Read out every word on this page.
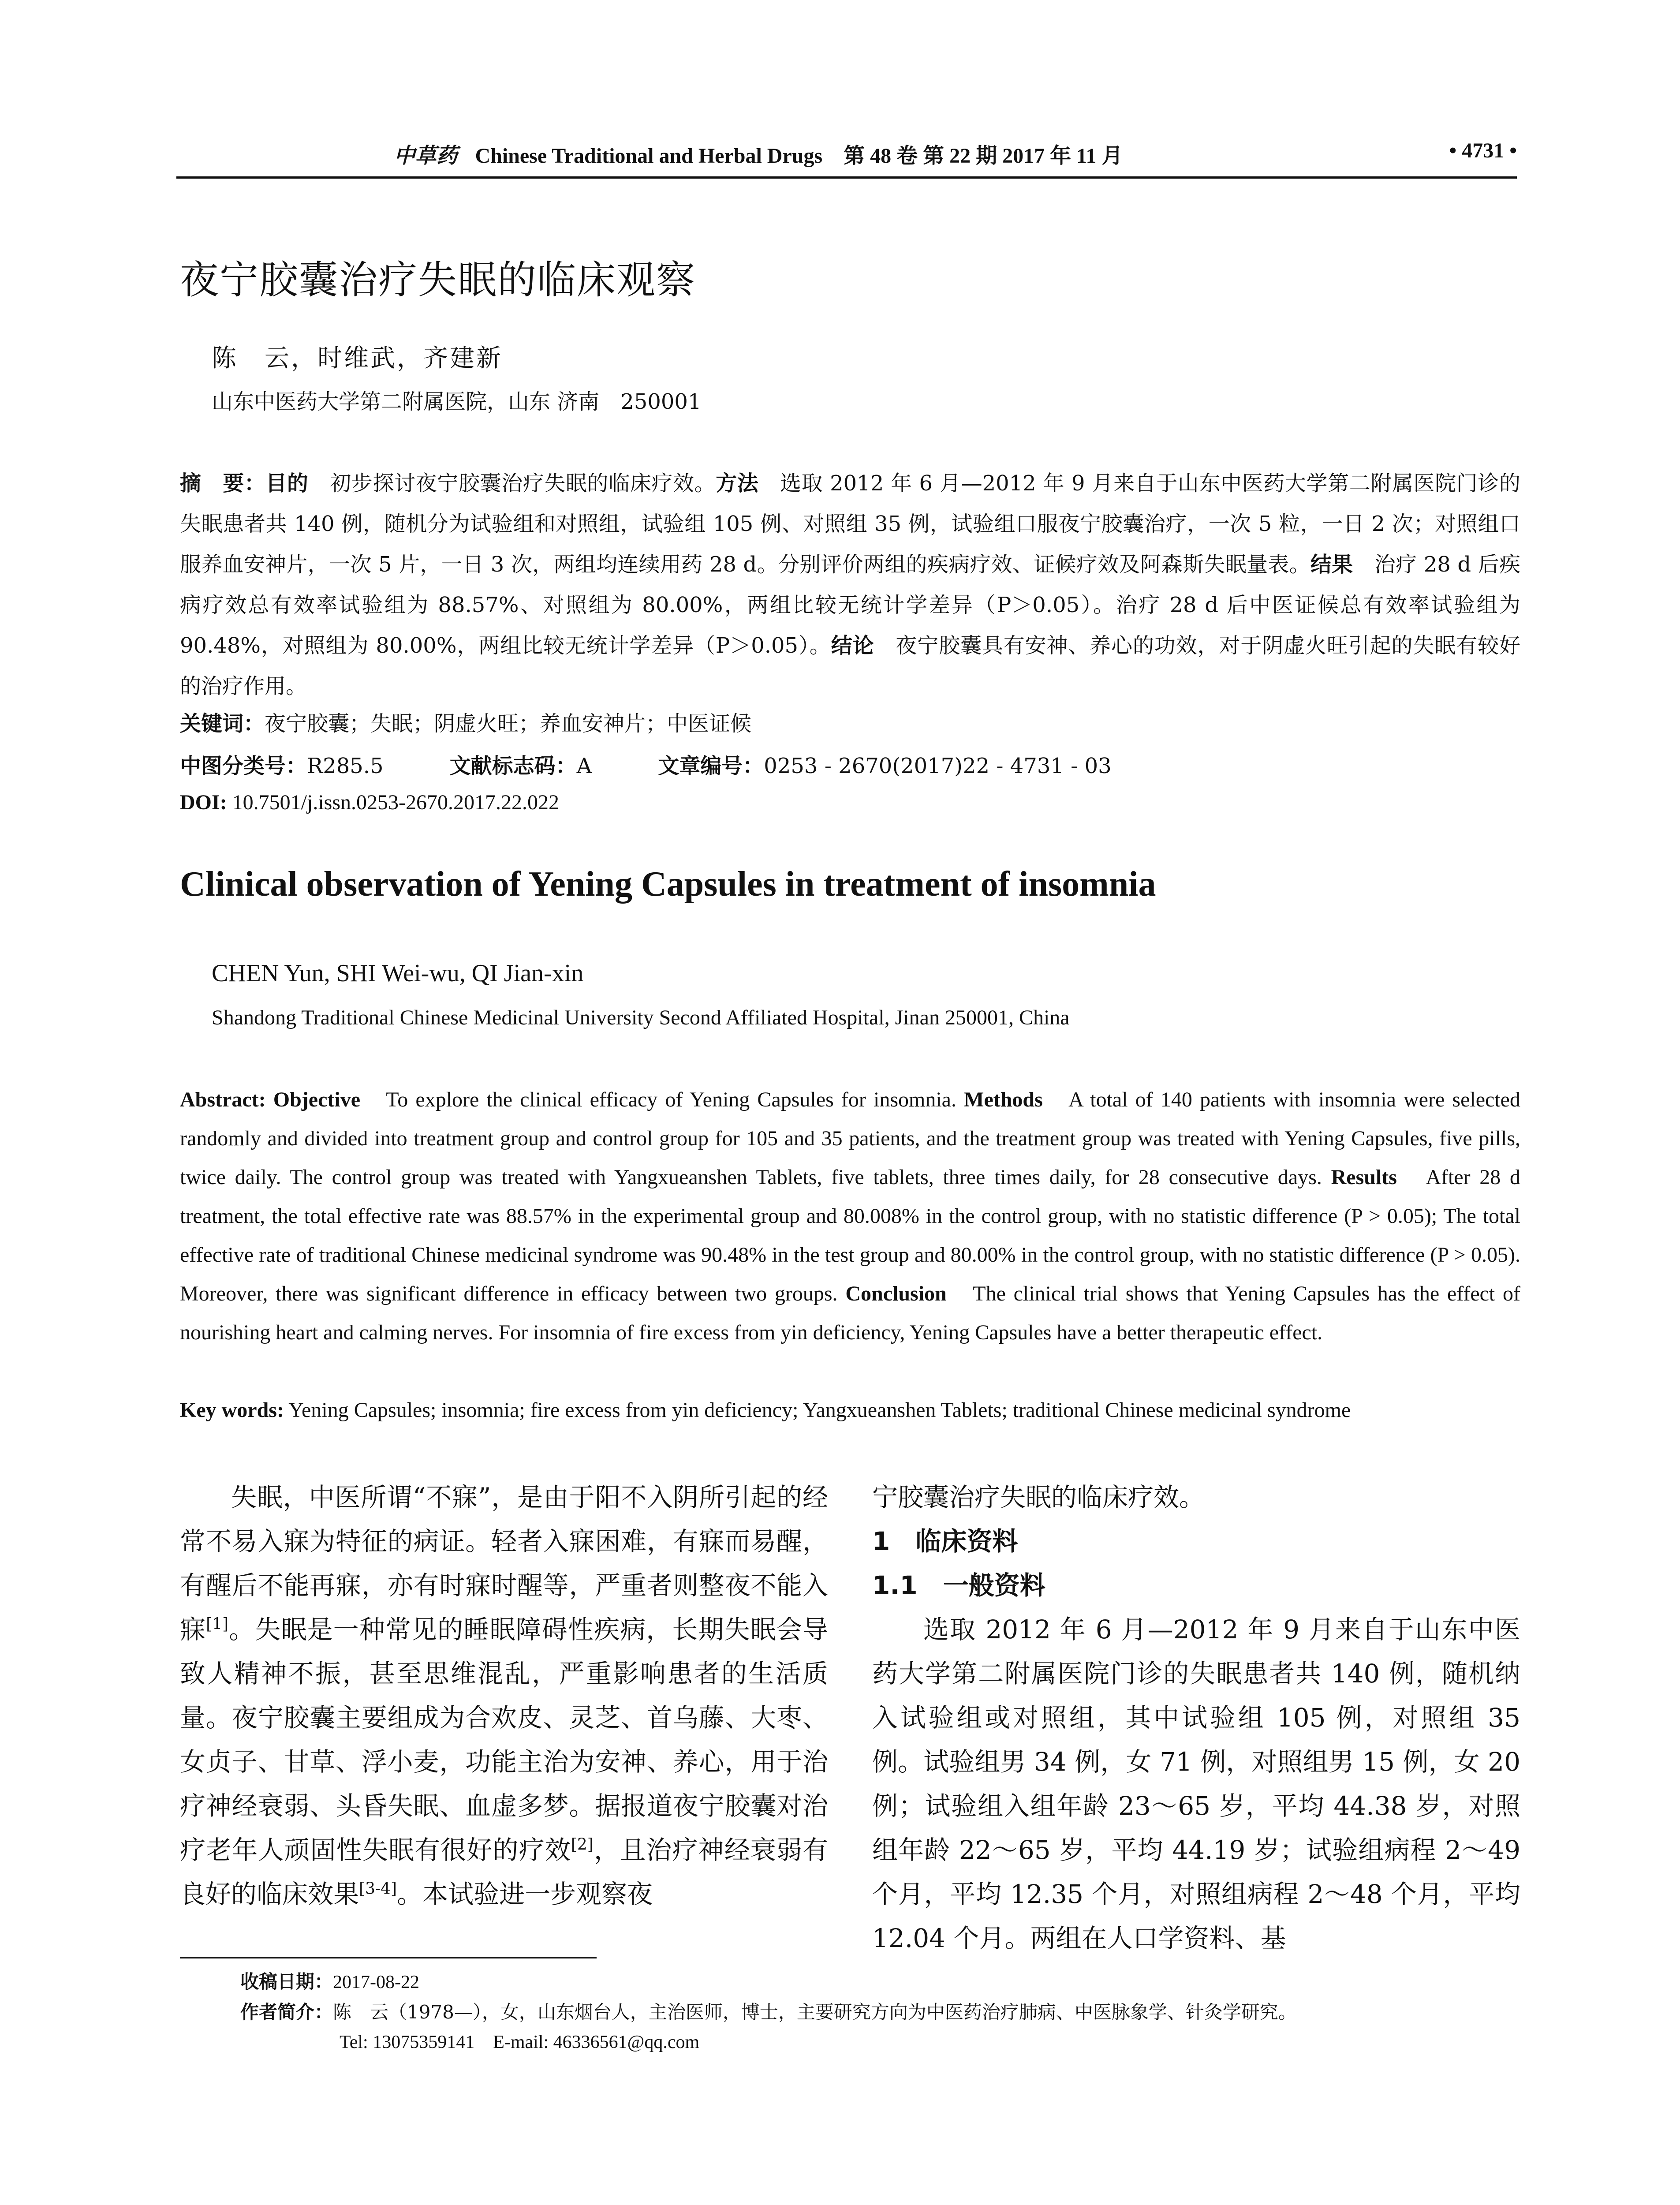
中草药 Chinese Traditional and Herbal Drugs　第 48 卷 第 22 期 2017 年 11 月	• 4731 •
夜宁胶囊治疗失眠的临床观察
陈　云，时维武，齐建新
山东中医药大学第二附属医院，山东 济南　250001
摘　要：目的　初步探讨夜宁胶囊治疗失眠的临床疗效。方法　选取 2012 年 6 月—2012 年 9 月来自于山东中医药大学第二附属医院门诊的失眠患者共 140 例，随机分为试验组和对照组，试验组 105 例、对照组 35 例，试验组口服夜宁胶囊治疗，一次 5 粒，一日 2 次；对照组口服养血安神片，一次 5 片，一日 3 次，两组均连续用药 28 d。分别评价两组的疾病疗效、证候疗效及阿森斯失眠量表。结果　治疗 28 d 后疾病疗效总有效率试验组为 88.57%、对照组为 80.00%，两组比较无统计学差异（P＞0.05）。治疗 28 d 后中医证候总有效率试验组为 90.48%，对照组为 80.00%，两组比较无统计学差异（P＞0.05）。结论　夜宁胶囊具有安神、养心的功效，对于阴虚火旺引起的失眠有较好的治疗作用。
关键词：夜宁胶囊；失眠；阴虚火旺；养血安神片；中医证候
中图分类号：R285.5	文献标志码：A	文章编号：0253 - 2670(2017)22 - 4731 - 03
DOI: 10.7501/j.issn.0253-2670.2017.22.022
Clinical observation of Yening Capsules in treatment of insomnia
CHEN Yun, SHI Wei-wu, QI Jian-xin
Shandong Traditional Chinese Medicinal University Second Affiliated Hospital, Jinan 250001, China
Abstract: Objective　To explore the clinical efficacy of Yening Capsules for insomnia. Methods　A total of 140 patients with insomnia were selected randomly and divided into treatment group and control group for 105 and 35 patients, and the treatment group was treated with Yening Capsules, five pills, twice daily. The control group was treated with Yangxueanshen Tablets, five tablets, three times daily, for 28 consecutive days. Results　After 28 d treatment, the total effective rate was 88.57% in the experimental group and 80.008% in the control group, with no statistic difference (P > 0.05); The total effective rate of traditional Chinese medicinal syndrome was 90.48% in the test group and 80.00% in the control group, with no statistic difference (P > 0.05). Moreover, there was significant difference in efficacy between two groups. Conclusion　The clinical trial shows that Yening Capsules has the effect of nourishing heart and calming nerves. For insomnia of fire excess from yin deficiency, Yening Capsules have a better therapeutic effect.
Key words: Yening Capsules; insomnia; fire excess from yin deficiency; Yangxueanshen Tablets; traditional Chinese medicinal syndrome

失眠，中医所谓“不寐”，是由于阳不入阴所引起的经常不易入寐为特征的病证。轻者入寐困难，有寐而易醒，有醒后不能再寐，亦有时寐时醒等，严重者则整夜不能入寐[1]。失眠是一种常见的睡眠障碍性疾病，长期失眠会导致人精神不振，甚至思维混乱，严重影响患者的生活质量。夜宁胶囊主要组成为合欢皮、灵芝、首乌藤、大枣、女贞子、甘草、浮小麦，功能主治为安神、养心，用于治疗神经衰弱、头昏失眠、血虚多梦。据报道夜宁胶囊对治疗老年人顽固性失眠有很好的疗效[2]，且治疗神经衰弱有良好的临床效果[3-4]。本试验进一步观察夜

宁胶囊治疗失眠的临床疗效。

1　临床资料

1.1　一般资料

选取 2012 年 6 月—2012 年 9 月来自于山东中医药大学第二附属医院门诊的失眠患者共 140 例，随机纳入试验组或对照组，其中试验组 105 例，对照组 35 例。试验组男 34 例，女 71 例，对照组男 15 例，女 20 例；试验组入组年龄 23～65 岁，平均 44.38 岁，对照组年龄 22～65 岁，平均 44.19 岁；试验组病程 2～49 个月，平均 12.35 个月，对照组病程 2～48 个月，平均 12.04 个月。两组在人口学资料、基

收稿日期：2017-08-22
作者简介：陈　云（1978—），女，山东烟台人，主治医师，博士，主要研究方向为中医药治疗肺病、中医脉象学、针灸学研究。
Tel: 13075359141　E-mail: 46336561@qq.com
